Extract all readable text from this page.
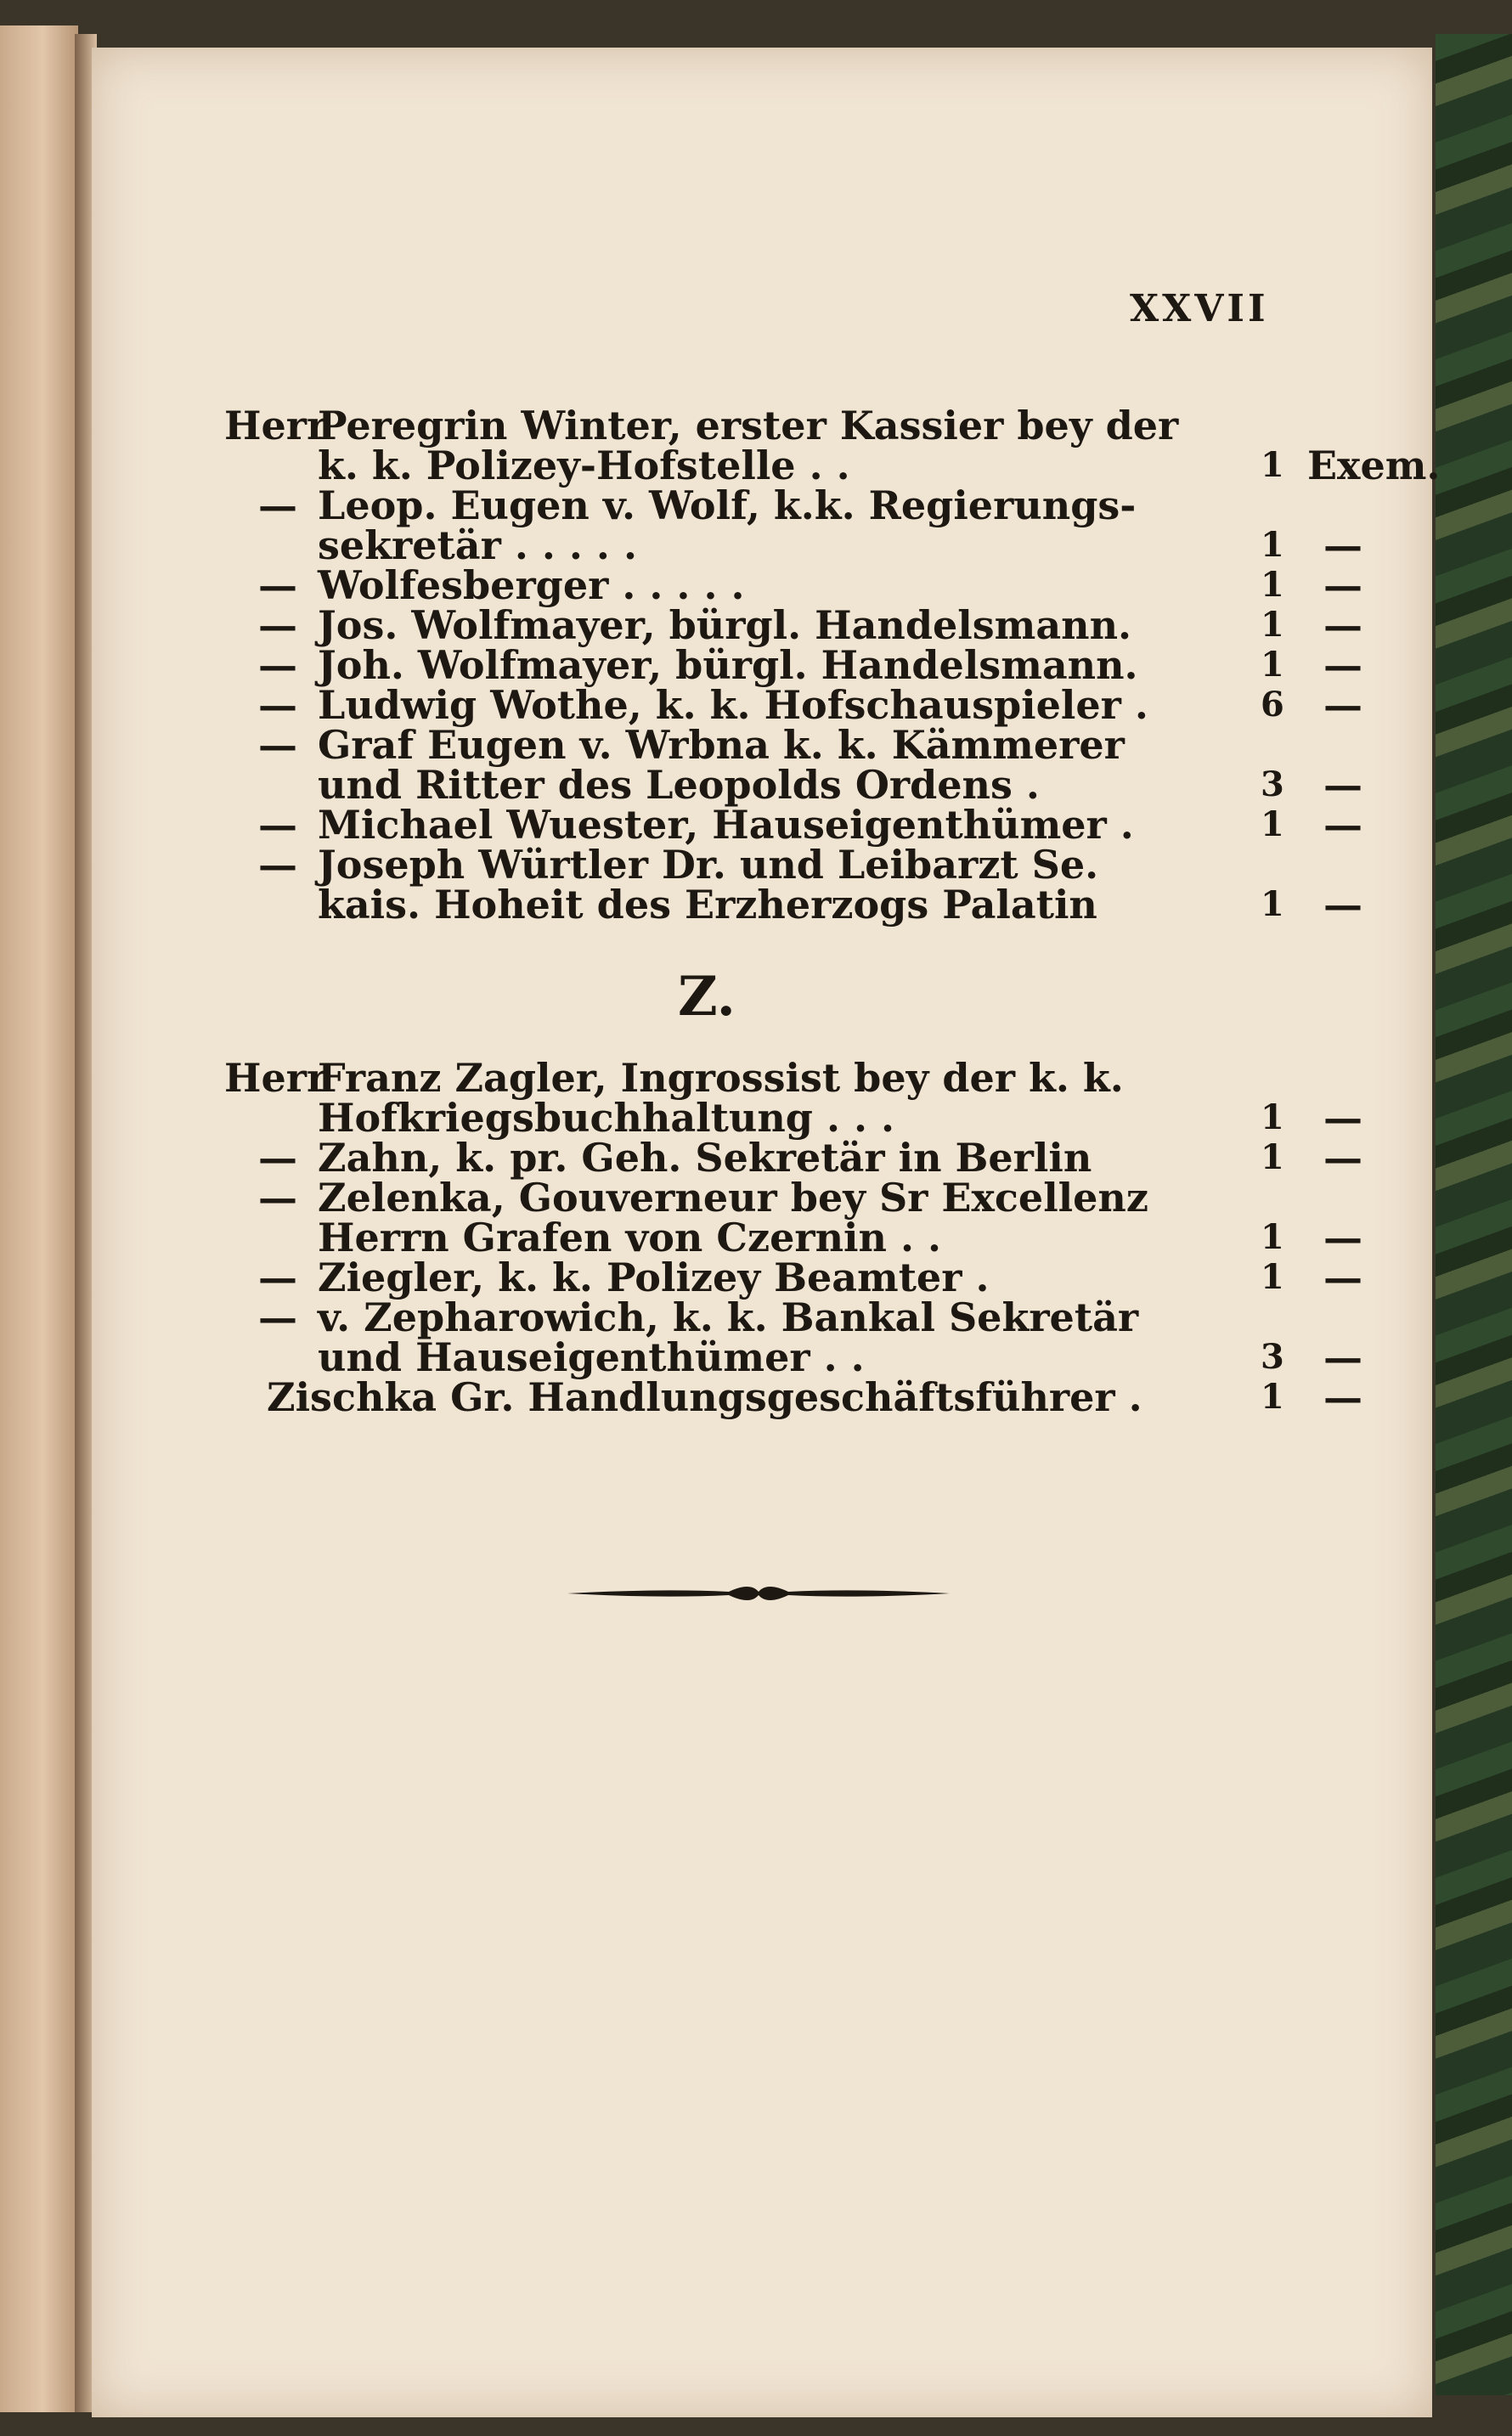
XXVII
Herr
Peregrin Winter, erster Kassier bey der
k. k. Polizey-Hofstelle . .	1 Exem.
— Leop. Eugen v. Wolf, k.k. Regierungs-
sekretär . . . . .	1 —
— Wolfesberger . . . . .	1 —
— Jos. Wolfmayer, bürgl. Handelsmann.	1 —
— Joh. Wolfmayer, bürgl. Handelsmann.	1 —
— Ludwig Wothe, k. k. Hofschauspieler .	6 —
— Graf Eugen v. Wrbna k. k. Kämmerer
und Ritter des Leopolds Ordens .	3 —
— Michael Wuester, Hauseigenthümer .	1 —
— Joseph Würtler Dr. und Leibarzt Se.
kais. Hoheit des Erzherzogs Palatin	1 —
Z.
Herr
Franz Zagler, Ingrossist bey der k. k.
Hofkriegsbuchhaltung . . .	1 —
— Zahn, k. pr. Geh. Sekretär in Berlin	1 —
— Zelenka, Gouverneur bey Sr Excellenz
Herrn Grafen von Czernin . .	1 —
— Ziegler, k. k. Polizey Beamter .	1 —
— v. Zepharowich, k. k. Bankal Sekretär
und Hauseigenthümer . .	3 —
Zischka Gr. Handlungsgeschäftsführer .	1 —
